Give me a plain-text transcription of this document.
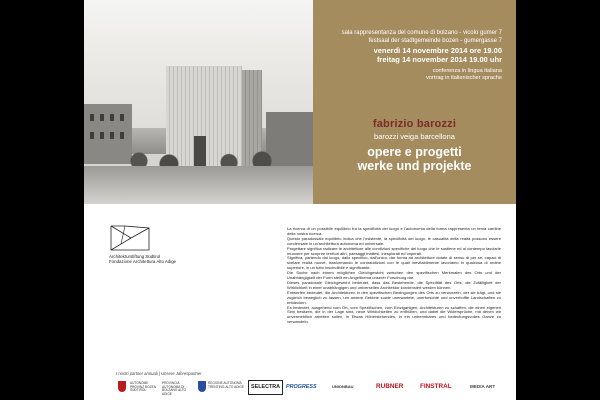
sala rappresentanza del comune di bolzano - vicolo gumer 7
festsaal der stadtgemeinde bozen - gumergasse 7
venerdì 14 novembre 2014 ore 19.00
freitag 14 november 2014 19.00 uhr
conferenza in lingua italiana
vortrag in italienischer sprache
fabrizio barozzi
barozzi veiga barcellona
opere e progetti
werke und projekte
Architekturstiftung Südtirol
Fondazione Architettura Alto Adige

La ricerca di un possibile equilibrio fra la specificità del luogo e l'autonomia della forma rappresenta un tema cardine della nostra ricerca.

Questo paradossale equilibrio indica che l'esistente, la specificità del luogo, le casualità della realtà possono essere condensate in un'architettura autonoma ed universale.

Progettare significa radicare le architetture alle condizioni specifiche del luogo che le sostiene ed al contempo lasciarle muovere per scoprire territori altri, paesaggi inattesi, inesplorati ed imperati.

Significa, partendo dal luogo, dallo specifico, dall'unico, dar forma ad architetture dotate di senso di per se, capaci di svelare realtà nuove, trasformando le contraddizioni con le quali inevitabilmente lavoriamo in qualcosa di ordine superiore, in un tutto inscindibile e significante.

Die Suche nach einem möglichen Gleichgewicht zwischen den spezifischen Merkmalen des Orts und der Unabhängigkeit der Form stellt ein Angelthema unserer Forschung dar.

Dieses paradoxale Gleichgewicht bedeutet, dass das Bestehende, die Spezifität des Orts, die Zufälligkeit der Wirklichkeit in einer unabhängigen und universellen Architektur kondensiert werden können.

Entwerfen bedeutet, die Architekturen in den spezifischen Bedingungen des Orts zu verwurzeln, der sie trägt, und sie zugleich beweglich zu lassen, um andere Gebiete sowie unerwartete, unerforschte und unverhoffte Landschaften zu entdecken.

Es bedeutet, ausgehend vom Ort, vom Spezifischen, vom Einzigartigen, Architekturen zu schaffen, die einen eigenen Sinn besitzen, die in der Lage sind, neue Wirklichkeiten zu enthüllen, und dabei die Widersprüche, mit denen wir unvermeidlich arbeiten sollen, in Etwas Höherstehendes, in ein untrennbares und bedeutungsvolles Ganze zu verwandeln.

I nostri partner annuali | Unsere Jahrespartner
AUTONOME PROVINZ BOZEN SÜDTIROL
PROVINCIA AUTONOMA DI BOLZANO ALTO ADIGE
REGIONE AUTONOMA TRENTINO-ALTO ADIGE	SELECTRA	PROGRESS	UNIONBAU	RUBNER	FINSTRAL	MEDIA ART
